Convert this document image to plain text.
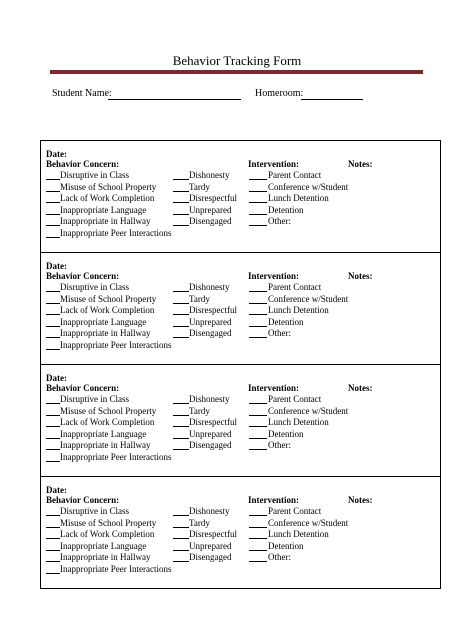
Behavior Tracking Form
Student Name:	Homeroom:
Date:
Behavior Concern:	Intervention:	Notes:
Disruptive in Class
Misuse of School Property
Lack of Work Completion
Inappropriate Language
Inappropriate in Hallway
Inappropriate Peer Interactions
Dishonesty
Tardy
Disrespectful
Unprepared
Disengaged
Parent Contact
Conference w/Student
Lunch Detention
Detention
Other:
Date:
Behavior Concern:	Intervention:	Notes:
Disruptive in Class
Misuse of School Property
Lack of Work Completion
Inappropriate Language
Inappropriate in Hallway
Inappropriate Peer Interactions
Dishonesty
Tardy
Disrespectful
Unprepared
Disengaged
Parent Contact
Conference w/Student
Lunch Detention
Detention
Other:
Date:
Behavior Concern:	Intervention:	Notes:
Disruptive in Class
Misuse of School Property
Lack of Work Completion
Inappropriate Language
Inappropriate in Hallway
Inappropriate Peer Interactions
Dishonesty
Tardy
Disrespectful
Unprepared
Disengaged
Parent Contact
Conference w/Student
Lunch Detention
Detention
Other:
Date:
Behavior Concern:	Intervention:	Notes:
Disruptive in Class
Misuse of School Property
Lack of Work Completion
Inappropriate Language
Inappropriate in Hallway
Inappropriate Peer Interactions
Dishonesty
Tardy
Disrespectful
Unprepared
Disengaged
Parent Contact
Conference w/Student
Lunch Detention
Detention
Other:
